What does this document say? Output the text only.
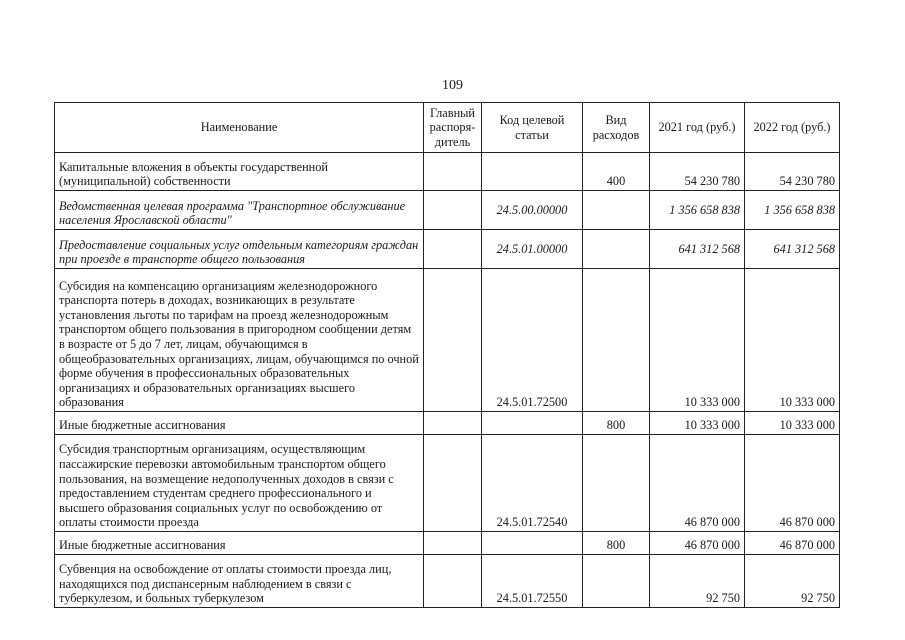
109
Наименование	Главный распоря-дитель	Код целевой статьи	Вид расходов	2021 год (руб.)	2022 год (руб.)
Капитальные вложения в объекты государственной (муниципальной) собственности			400	54 230 780	54 230 780
Ведомственная целевая программа "Транспортное обслуживание населения Ярославской области"		24.5.00.00000		1 356 658 838	1 356 658 838
Предоставление социальных услуг отдельным категориям граждан при проезде в транспорте общего пользования		24.5.01.00000		641 312 568	641 312 568
Субсидия на компенсацию организациям железнодорожного транспорта потерь в доходах, возникающих в результате установления льготы по тарифам на проезд железнодорожным транспортом общего пользования в пригородном сообщении детям в возрасте от 5 до 7 лет, лицам, обучающимся в общеобразовательных организациях, лицам, обучающимся по очной форме обучения в профессиональных образовательных организациях и образовательных организациях высшего образования		24.5.01.72500		10 333 000	10 333 000
Иные бюджетные ассигнования			800	10 333 000	10 333 000
Субсидия транспортным организациям, осуществляющим пассажирские перевозки автомобильным транспортом общего пользования, на возмещение недополученных доходов в связи с предоставлением студентам среднего профессионального и высшего образования социальных услуг по освобождению от оплаты стоимости проезда		24.5.01.72540		46 870 000	46 870 000
Иные бюджетные ассигнования			800	46 870 000	46 870 000
Субвенция на освобождение от оплаты стоимости проезда лиц, находящихся под диспансерным наблюдением в связи с туберкулезом, и больных туберкулезом		24.5.01.72550		92 750	92 750
